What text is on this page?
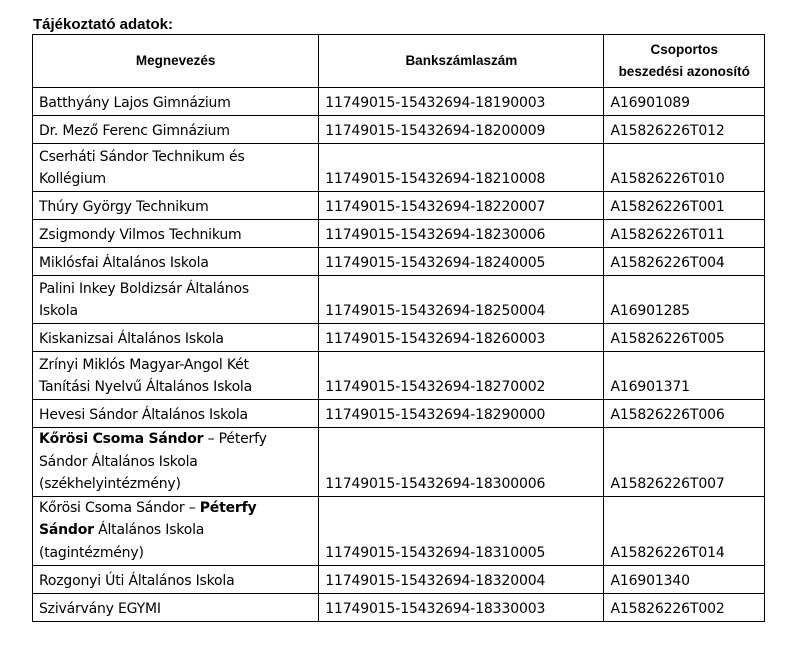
Tájékoztató adatok:
Megnevezés	Bankszámlaszám	Csoportos
beszedési azonosító

Batthyány Lajos Gimnázium	11749015-15432694-18190003	A16901089

Dr. Mező Ferenc Gimnázium	11749015-15432694-18200009	A15826226T012

Cserháti Sándor Technikum és
Kollégium	11749015-15432694-18210008	A15826226T010

Thúry György Technikum	11749015-15432694-18220007	A15826226T001

Zsigmondy Vilmos Technikum	11749015-15432694-18230006	A15826226T011

Miklósfai Általános Iskola	11749015-15432694-18240005	A15826226T004

Palini Inkey Boldizsár Általános
Iskola	11749015-15432694-18250004	A16901285

Kiskanizsai Általános Iskola	11749015-15432694-18260003	A15826226T005

Zrínyi Miklós Magyar-Angol Két
Tanítási Nyelvű Általános Iskola	11749015-15432694-18270002	A16901371

Hevesi Sándor Általános Iskola	11749015-15432694-18290000	A15826226T006

Kőrösi Csoma Sándor – Péterfy
Sándor Általános Iskola
(székhelyintézmény)	11749015-15432694-18300006	A15826226T007

Kőrösi Csoma Sándor – Péterfy
Sándor Általános Iskola
(tagintézmény)	11749015-15432694-18310005	A15826226T014

Rozgonyi Úti Általános Iskola	11749015-15432694-18320004	A16901340

Szivárvány EGYMI	11749015-15432694-18330003	A15826226T002
